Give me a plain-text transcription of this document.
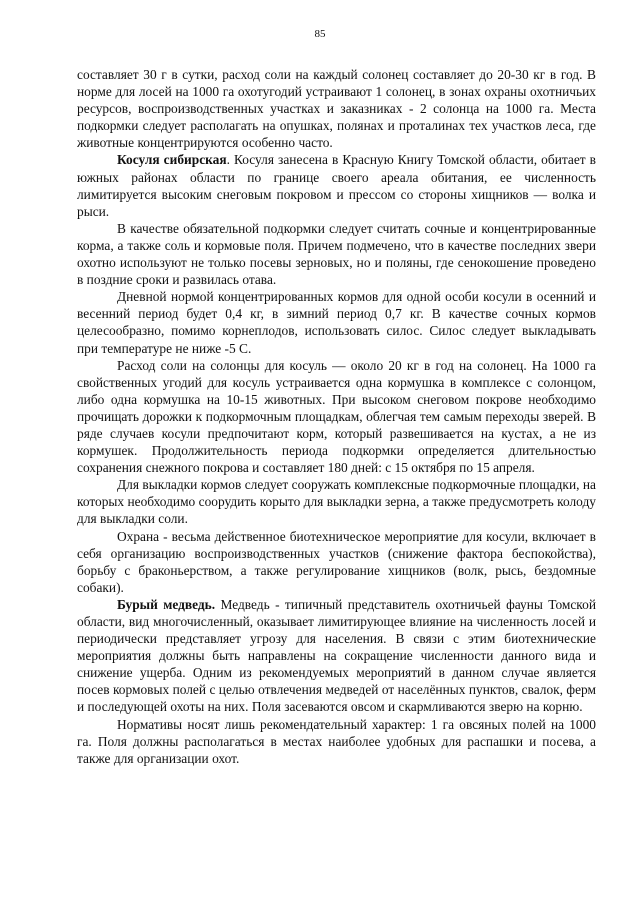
85

составляет 30 г в сутки, расход соли на каждый солонец составляет до 20-30 кг в год. В норме для лосей на 1000 га охотугодий устраивают 1 солонец, в зонах охраны охотничьих ресурсов, воспроизводственных участках и заказниках - 2 солонца на 1000 га. Места подкормки следует располагать на опушках, полянах и проталинах тех участков леса, где животные концентрируются особенно часто.

Косуля сибирская. Косуля занесена в Красную Книгу Томской области, обитает в южных районах области по границе своего ареала обитания, ее численность лимитируется высоким снеговым покровом и прессом со стороны хищников — волка и рыси.

В качестве обязательной подкормки следует считать сочные и концентрированные корма, а также соль и кормовые поля. Причем подмечено, что в качестве последних звери охотно используют не только посевы зерновых, но и поляны, где сенокошение проведено в поздние сроки и развилась отава.

Дневной нормой концентрированных кормов для одной особи косули в осенний и весенний период будет 0,4 кг, в зимний период 0,7 кг. В качестве сочных кормов целесообразно, помимо корнеплодов, использовать силос. Силос следует выкладывать при температуре не ниже -5 С.

Расход соли на солонцы для косуль — около 20 кг в год на солонец. На 1000 га свойственных угодий для косуль устраивается одна кормушка в комплексе с солонцом, либо одна кормушка на 10-15 животных. При высоком снеговом покрове необходимо прочищать дорожки к подкормочным площадкам, облегчая тем самым переходы зверей. В ряде случаев косули предпочитают корм, который развешивается на кустах, а не из кормушек. Продолжительность периода подкормки определяется длительностью сохранения снежного покрова и составляет 180 дней: с 15 октября по 15 апреля.

Для выкладки кормов следует сооружать комплексные подкормочные площадки, на которых необходимо соорудить корыто для выкладки зерна, а также предусмотреть колоду для выкладки соли.

Охрана - весьма действенное биотехническое мероприятие для косули, включает в себя организацию воспроизводственных участков (снижение фактора беспокойства), борьбу с браконьерством, а также регулирование хищников (волк, рысь, бездомные собаки).

Бурый медведь. Медведь - типичный представитель охотничьей фауны Томской области, вид многочисленный, оказывает лимитирующее влияние на численность лосей и периодически представляет угрозу для населения. В связи с этим биотехнические мероприятия должны быть направлены на сокращение численности данного вида и снижение ущерба. Одним из рекомендуемых мероприятий в данном случае является посев кормовых полей с целью отвлечения медведей от населённых пунктов, свалок, ферм и последующей охоты на них. Поля засеваются овсом и скармливаются зверю на корню.

Нормативы носят лишь рекомендательный характер: 1 га овсяных полей на 1000 га. Поля должны располагаться в местах наиболее удобных для распашки и посева, а также для организации охот.
